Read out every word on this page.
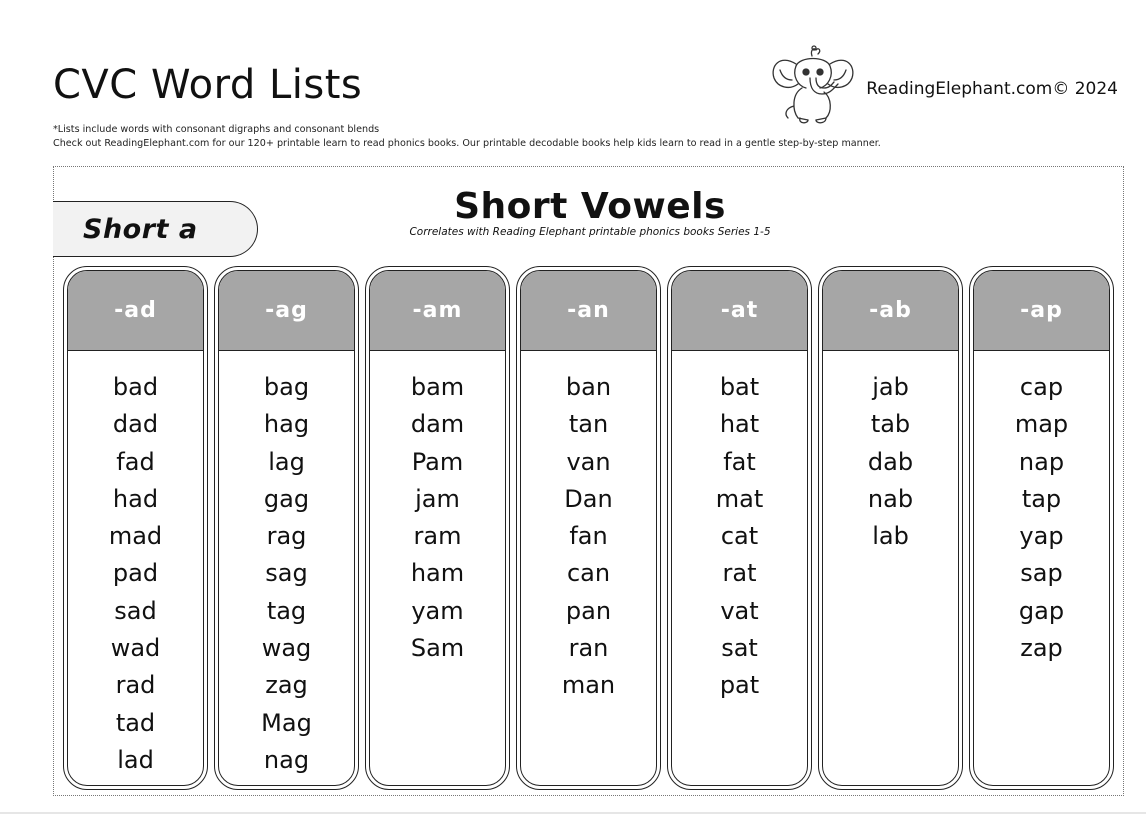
CVC Word Lists	ReadingElephant.com© 2024
*Lists include words with consonant digraphs and consonant blends
Check out ReadingElephant.com for our 120+ printable learn to read phonics books. Our printable decodable books help kids learn to read in a gentle step-by-step manner.
Short a
Short Vowels
Correlates with Reading Elephant printable phonics books Series 1-5
-ad
bad
dad
fad
had
mad
pad
sad
wad
rad
tad
lad
-ag
bag
hag
lag
gag
rag
sag
tag
wag
zag
Mag
nag
-am
bam
dam
Pam
jam
ram
ham
yam
Sam
-an
ban
tan
van
Dan
fan
can
pan
ran
man
-at
bat
hat
fat
mat
cat
rat
vat
sat
pat
-ab
jab
tab
dab
nab
lab
-ap
cap
map
nap
tap
yap
sap
gap
zap
